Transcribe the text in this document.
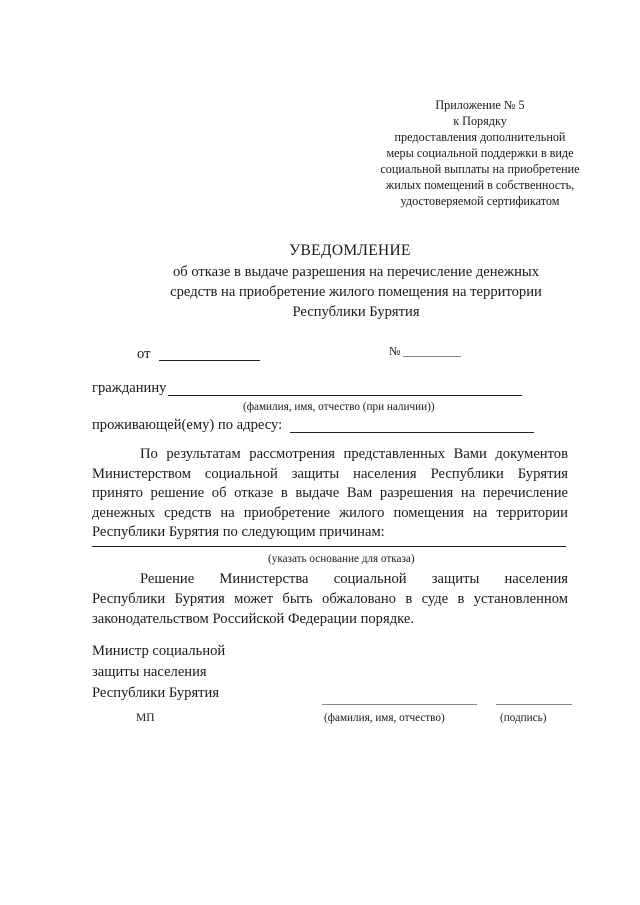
Приложение № 5
к Порядку
предоставления дополнительной
меры социальной поддержки в виде
социальной выплаты на приобретение
жилых помещений в собственность,
удостоверяемой сертификатом
УВЕДОМЛЕНИЕ
об отказе в выдаче разрешения на перечисление денежных
средств на приобретение жилого помещения на территории
Республики Бурятия
от	№
гражданину
(фамилия, имя, отчество (при наличии))
проживающей(ему) по адресу:
По результатам рассмотрения представленных Вами документов
Министерством социальной защиты населения Республики Бурятия
принято решение об отказе в выдаче Вам разрешения на перечисление
денежных средств на приобретение жилого помещения на территории
Республики Бурятия по следующим причинам:
(указать основание для отказа)
Решение Министерства социальной защиты населения
Республики Бурятия может быть обжаловано в суде в установленном
законодательством Российской Федерации порядке.
Министр социальной
защиты населения
Республики Бурятия
МП	(фамилия, имя, отчество)	(подпись)
